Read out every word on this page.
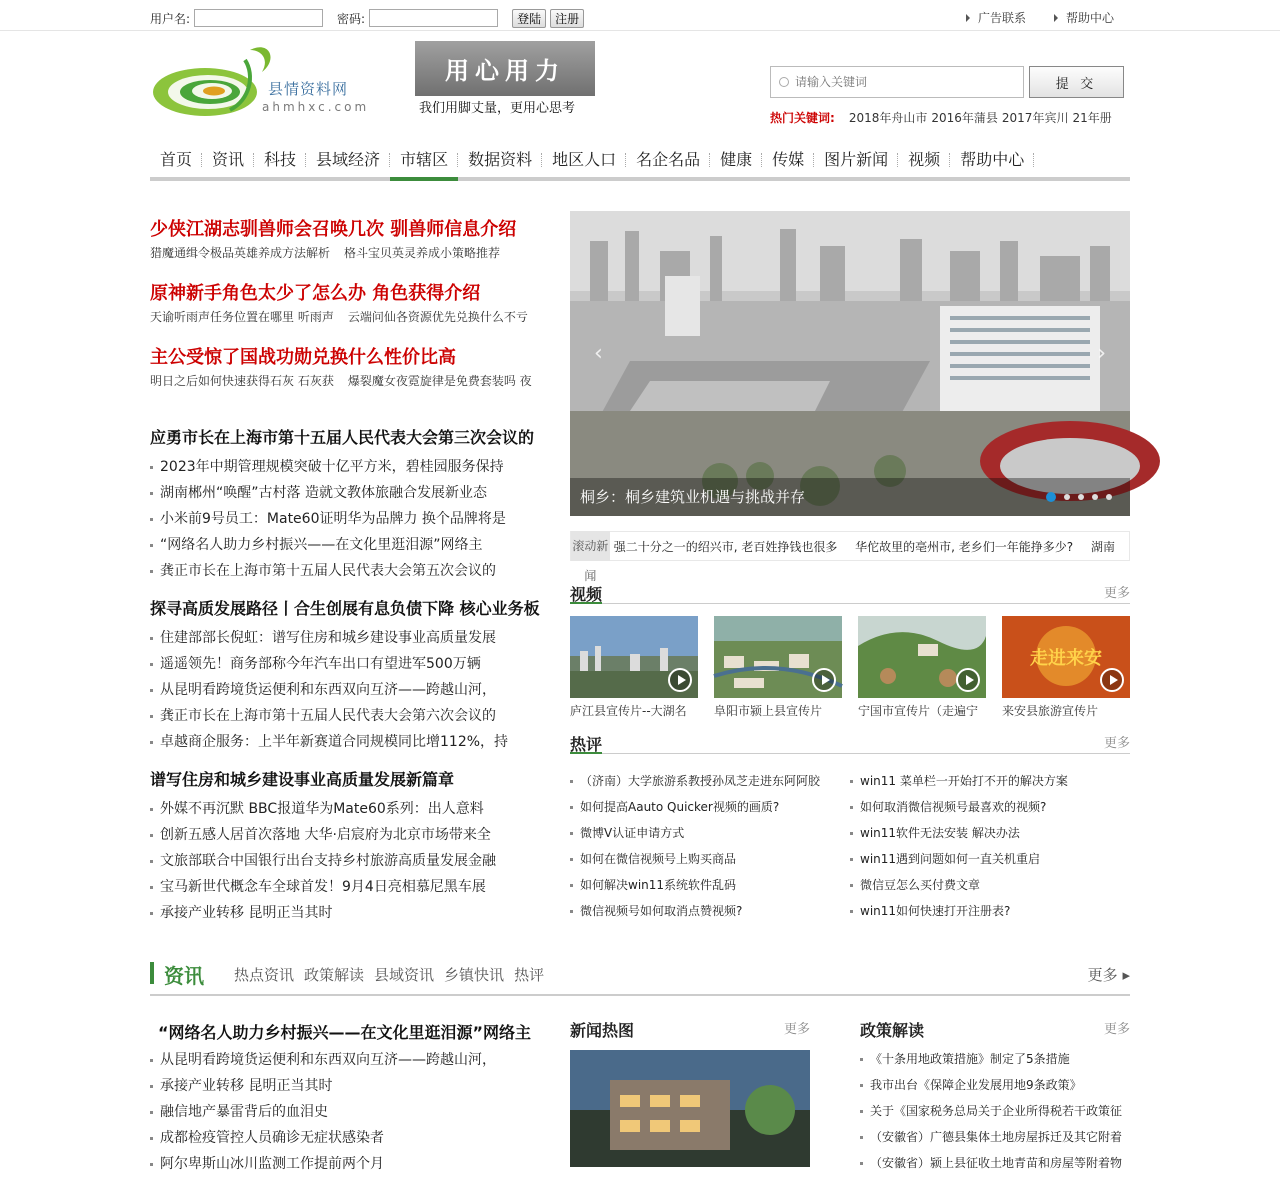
用户名:	密码:	登陆	注册	广告联系	帮助中心
县情资料网
ahmhxc.com
用心用力
我们用脚丈量，更用心思考
请输入关键词
提 交
热门关键词: 2018年舟山市 2016年蒲县 2017年宾川 21年册
首页	资讯	科技	县域经济	市辖区	数据资料	地区人口	名企名品	健康	传媒	图片新闻	视频	帮助中心
少侠江湖志驯兽师会召唤几次 驯兽师信息介绍
猎魔通缉令极品英雄养成方法解析 格斗宝贝英灵养成小策略推荐
原神新手角色太少了怎么办 角色获得介绍
天谕听雨声任务位置在哪里 听雨声 云端问仙各资源优先兑换什么不亏
主公受惊了国战功勋兑换什么性价比高
明日之后如何快速获得石灰 石灰获 爆裂魔女夜霓旋律是免费套装吗 夜
应勇市长在上海市第十五届人民代表大会第三次会议的
2023年中期管理规模突破十亿平方米，碧桂园服务保持
湖南郴州“唤醒”古村落 造就文教体旅融合发展新业态
小米前9号员工：Mate60证明华为品牌力 换个品牌将是
“网络名人助力乡村振兴——在文化里逛泪源”网络主
龚正市长在上海市第十五届人民代表大会第五次会议的
探寻高质发展路径丨合生创展有息负债下降 核心业务板
住建部部长倪虹：谱写住房和城乡建设事业高质量发展
遥遥领先！商务部称今年汽车出口有望进军500万辆
从昆明看跨境货运便利和东西双向互济——跨越山河，
龚正市长在上海市第十五届人民代表大会第六次会议的
卓越商企服务：上半年新赛道合同规模同比增112%，持
谱写住房和城乡建设事业高质量发展新篇章
外媒不再沉默 BBC报道华为Mate60系列：出人意料
创新五感人居首次落地 大华·启宸府为北京市场带来全
文旅部联合中国银行出台支持乡村旅游高质量发展金融
宝马新世代概念车全球首发！9月4日亮相慕尼黑车展
承接产业转移 昆明正当其时
‹	›
桐乡：桐乡建筑业机遇与挑战并存
滚动新闻
强二十分之一的绍兴市, 老百姓挣钱也很多 华佗故里的亳州市, 老乡们一年能挣多少? 湖南
视频	更多
庐江县宣传片--大湖名	阜阳市颍上县宣传片	宁国市宣传片（走遍宁
走进来安
来安县旅游宣传片
热评	更多
（济南）大学旅游系教授孙凤芝走进东阿阿胶
如何提高Aauto Quicker视频的画质?
微博V认证申请方式
如何在微信视频号上购买商品
如何解决win11系统软件乱码
微信视频号如何取消点赞视频?
win11 菜单栏一开始打不开的解决方案
如何取消微信视频号最喜欢的视频?
win11软件无法安装 解决办法
win11遇到问题如何一直关机重启
微信豆怎么买付费文章
win11如何快速打开注册表?
资讯 热点资讯 政策解读 县域资讯 乡镇快讯 热评	更多 ▸
“网络名人助力乡村振兴——在文化里逛泪源”网络主
从昆明看跨境货运便利和东西双向互济——跨越山河，
承接产业转移 昆明正当其时
融信地产暴雷背后的血泪史
成都检疫管控人员确诊无症状感染者
阿尔卑斯山冰川监测工作提前两个月
新闻热图	更多	政策解读	更多
《十条用地政策措施》制定了5条措施
我市出台《保障企业发展用地9条政策》
关于《国家税务总局关于企业所得税若干政策征
（安徽省）广德县集体土地房屋拆迁及其它附着
（安徽省）颍上县征收土地青苗和房屋等附着物
